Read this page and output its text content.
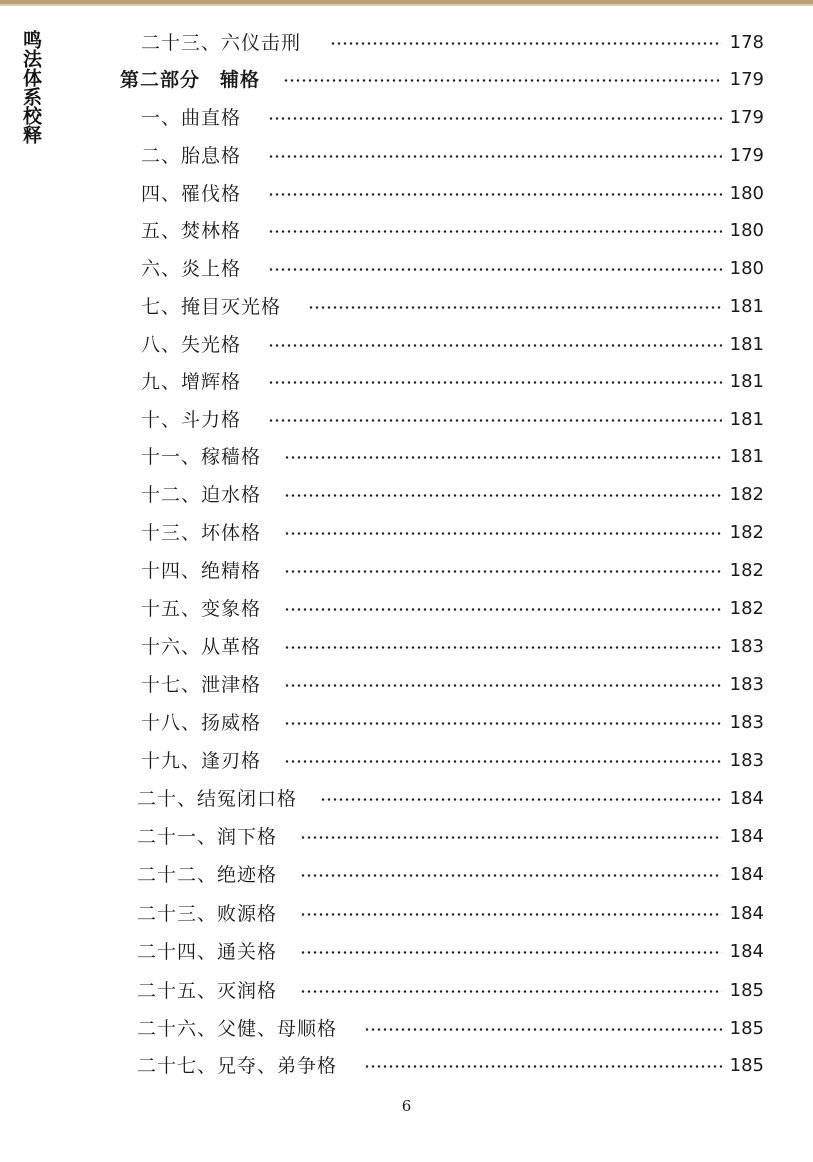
鸣法体系校释	二十三、六仪击刑	178
第二部分　辅格	179
一、曲直格	179
二、胎息格	179
四、罹伐格	180
五、焚林格	180
六、炎上格	180
七、掩目灭光格	181
八、失光格	181
九、增辉格	181
十、斗力格	181
十一、稼穑格	181
十二、迫水格	182
十三、坏体格	182
十四、绝精格	182
十五、变象格	182
十六、从革格	183
十七、泄津格	183
十八、扬威格	183
十九、逢刃格	183
二十、结冤闭口格	184
二十一、润下格	184
二十二、绝迹格	184
二十三、败源格	184
二十四、通关格	184
二十五、灭润格	185
二十六、父健、母顺格	185
二十七、兄夺、弟争格	185
6
